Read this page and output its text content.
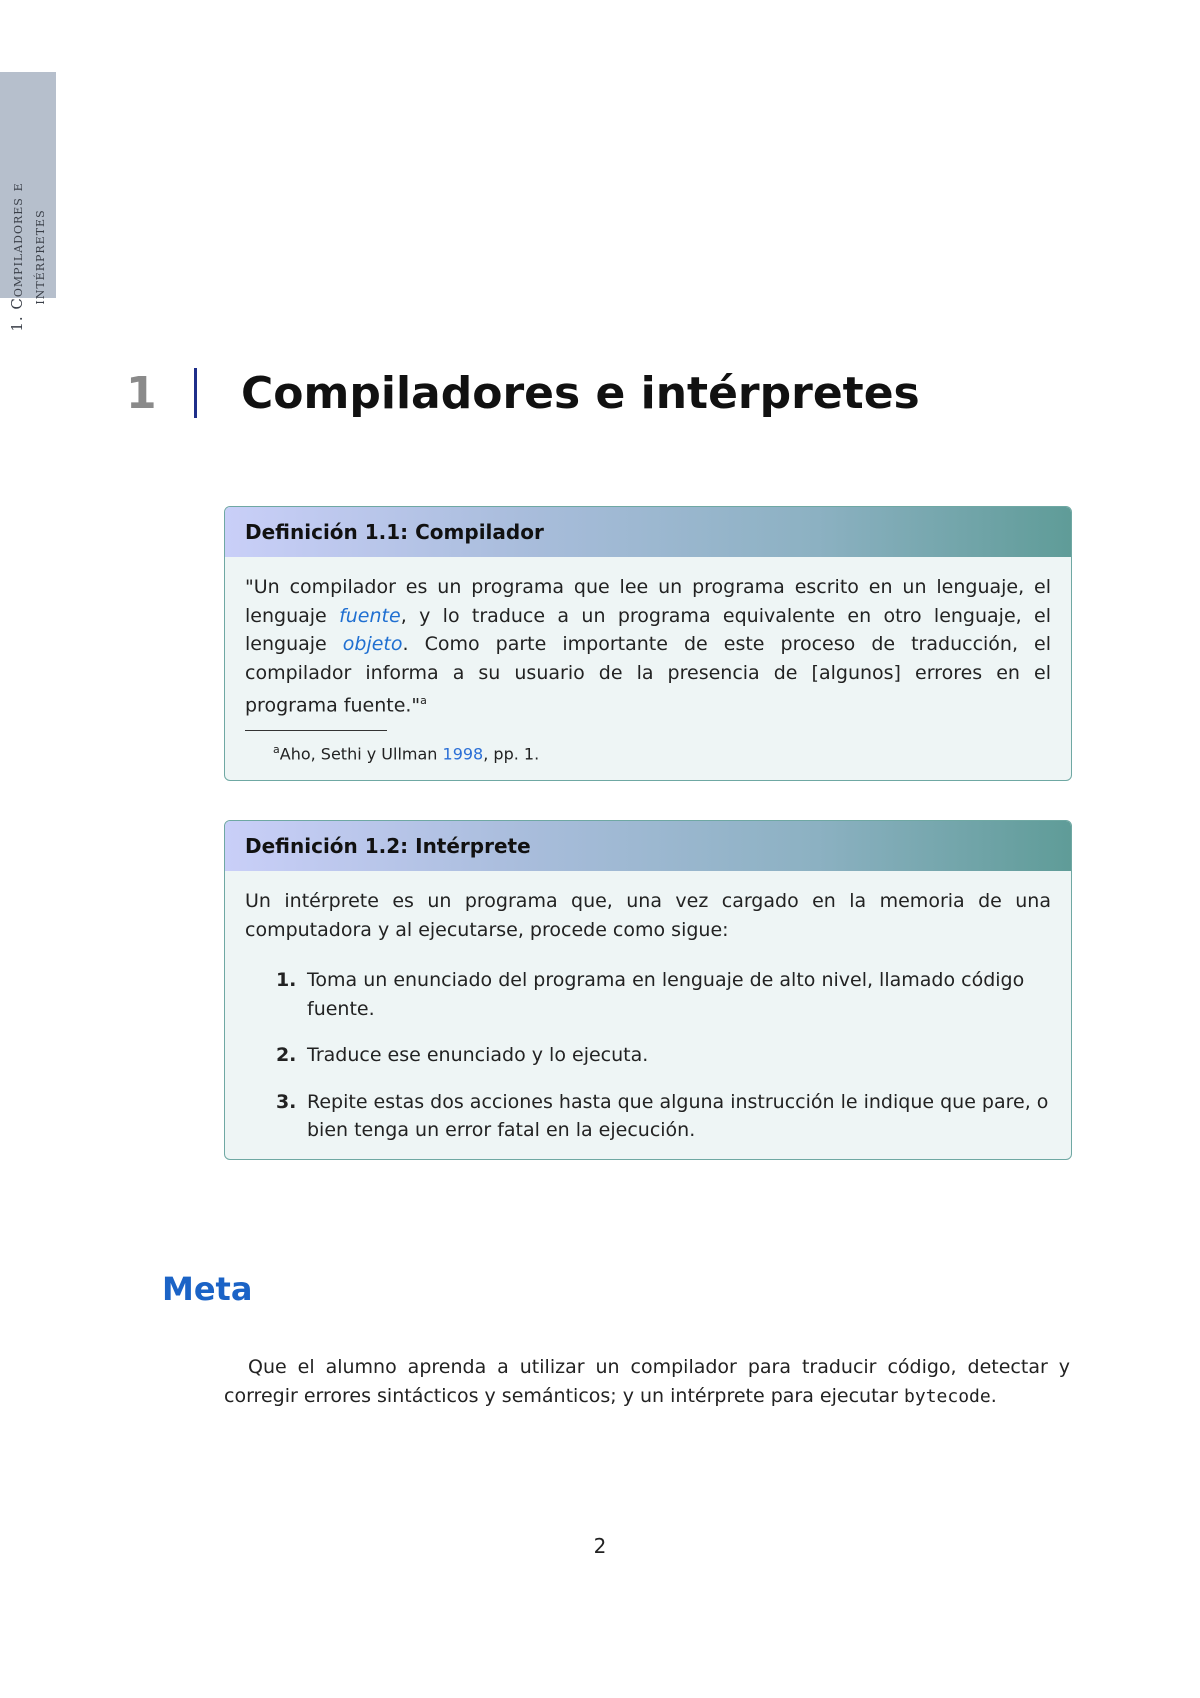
1. Compiladores e intérpretes
1	Compiladores e intérpretes
Definición 1.1: Compilador

"Un compilador es un programa que lee un programa escrito en un lenguaje, el lenguaje fuente, y lo traduce a un programa equivalente en otro lenguaje, el lenguaje objeto. Como parte importante de este proceso de traducción, el compilador informa a su usuario de la presencia de [algunos] errores en el programa fuente."$^a$

$^a$Aho, Sethi y Ullman 1998, pp. 1.
Definición 1.2: Intérprete

Un intérprete es un programa que, una vez cargado en la memoria de una computadora y al ejecutarse, procede como sigue:

1. Toma un enunciado del programa en lenguaje de alto nivel, llamado código fuente.
2. Traduce ese enunciado y lo ejecuta.
3. Repite estas dos acciones hasta que alguna instrucción le indique que pare, o bien tenga un error fatal en la ejecución.
Meta
Que el alumno aprenda a utilizar un compilador para traducir código, detectar y corregir errores sintácticos y semánticos; y un intérprete para ejecutar bytecode.
2
